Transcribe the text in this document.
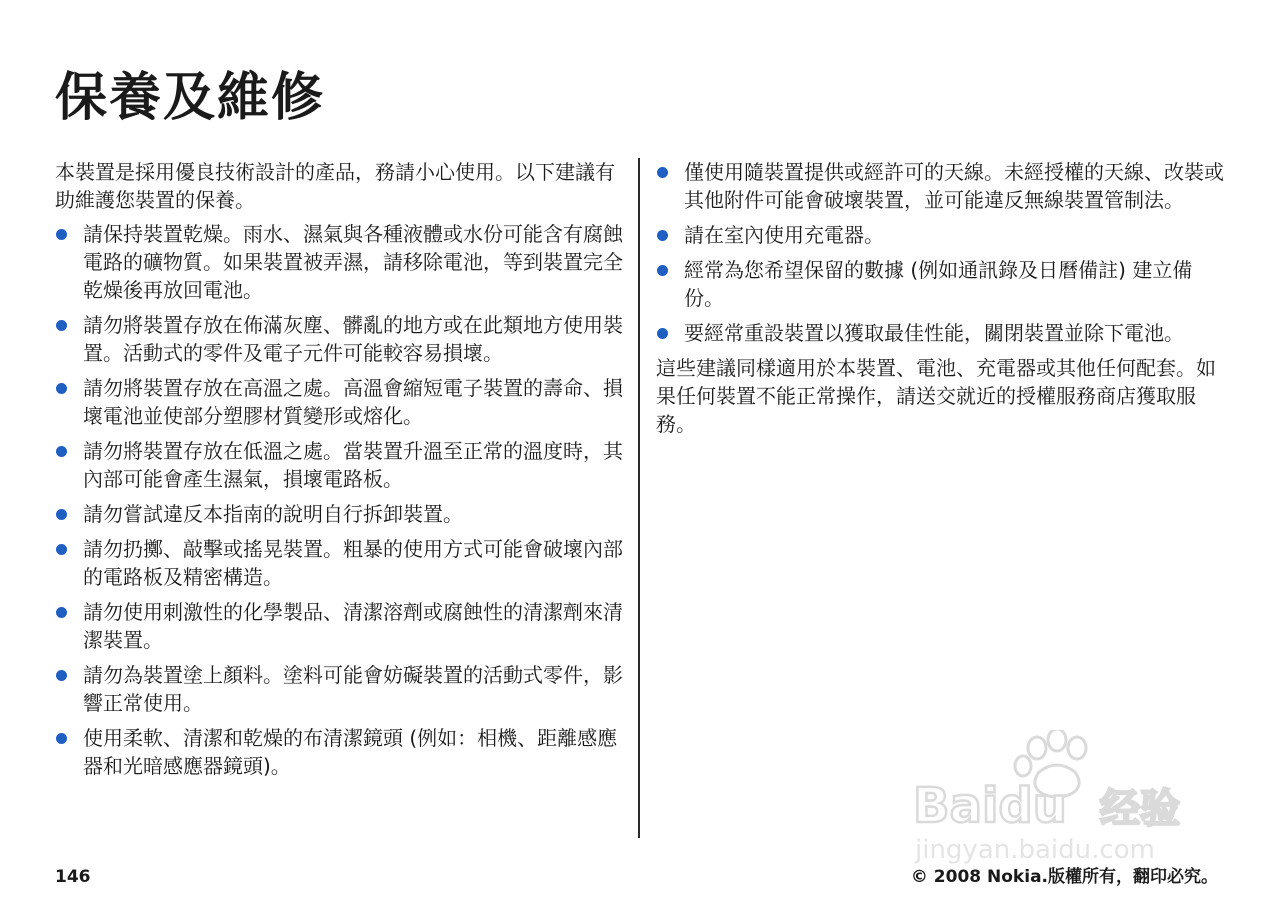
保養及維修

本裝置是採用優良技術設計的產品，務請小心使用。以下建議有助維護您裝置的保養。

請保持裝置乾燥。雨水、濕氣與各種液體或水份可能含有腐蝕電路的礦物質。如果裝置被弄濕，請移除電池，等到裝置完全乾燥後再放回電池。
請勿將裝置存放在佈滿灰塵、髒亂的地方或在此類地方使用裝置。活動式的零件及電子元件可能較容易損壞。
請勿將裝置存放在高溫之處。高溫會縮短電子裝置的壽命、損壞電池並使部分塑膠材質變形或熔化。
請勿將裝置存放在低溫之處。當裝置升溫至正常的溫度時，其內部可能會產生濕氣，損壞電路板。
請勿嘗試違反本指南的說明自行拆卸裝置。
請勿扔擲、敲擊或搖晃裝置。粗暴的使用方式可能會破壞內部的電路板及精密構造。
請勿使用刺激性的化學製品、清潔溶劑或腐蝕性的清潔劑來清潔裝置。
請勿為裝置塗上顏料。塗料可能會妨礙裝置的活動式零件，影響正常使用。
使用柔軟、清潔和乾燥的布清潔鏡頭 (例如：相機、距離感應器和光暗感應器鏡頭)。
僅使用隨裝置提供或經許可的天線。未經授權的天線、改裝或其他附件可能會破壞裝置，並可能違反無線裝置管制法。
請在室內使用充電器。
經常為您希望保留的數據 (例如通訊錄及日曆備註) 建立備份。
要經常重設裝置以獲取最佳性能，關閉裝置並除下電池。

這些建議同樣適用於本裝置、電池、充電器或其他任何配套。如果任何裝置不能正常操作，請送交就近的授權服務商店獲取服務。

Baidu 经验
jingyan.baidu.com
146	© 2008 Nokia.版權所有，翻印必究。
